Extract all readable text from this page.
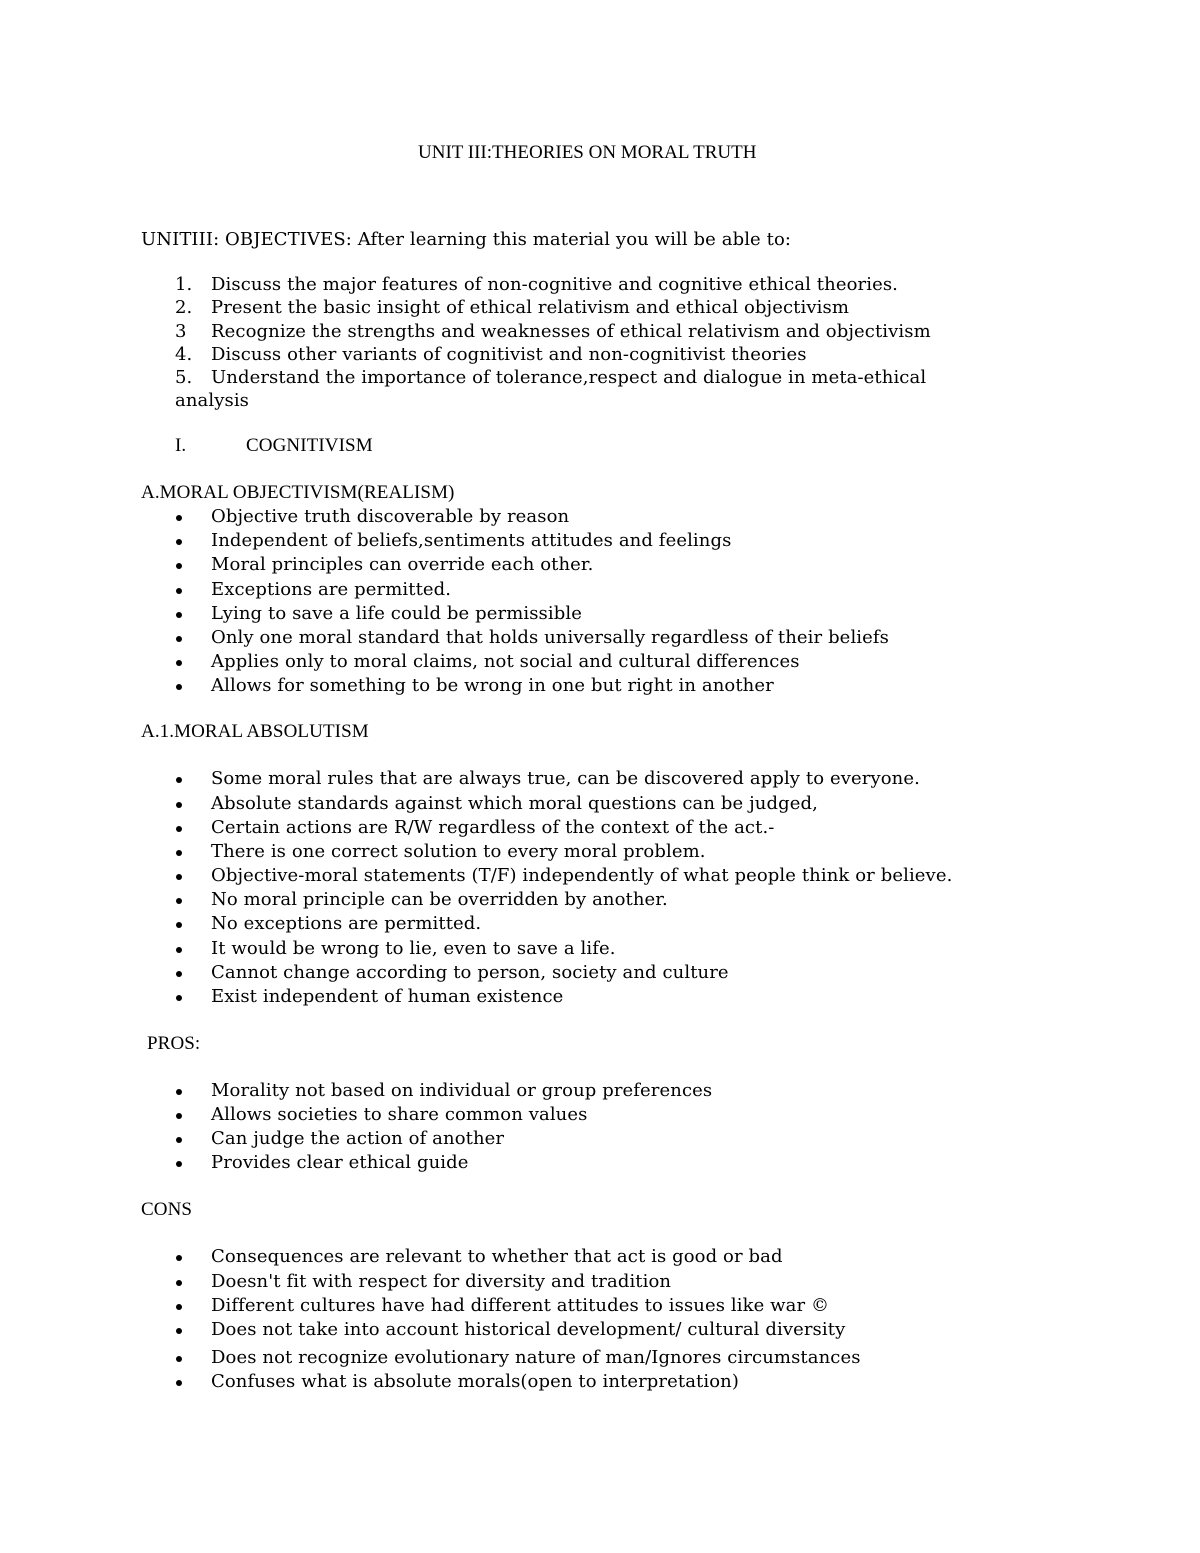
UNIT III:THEORIES ON MORAL TRUTH
UNITIII: OBJECTIVES: After learning this material you will be able to:
1.	Discuss the major features of non-cognitive and cognitive ethical theories.
2.	Present the basic insight of ethical relativism and ethical objectivism
3	Recognize the strengths and weaknesses of ethical relativism and objectivism
4.	Discuss other variants of cognitivist and non-cognitivist theories
5.	Understand the importance of tolerance,respect and dialogue in meta-ethical
analysis
I.	COGNITIVISM
A.MORAL OBJECTIVISM(REALISM)
Objective truth discoverable by reason
Independent of beliefs,sentiments attitudes and feelings
Moral principles can override each other.
Exceptions are permitted.
Lying to save a life could be permissible
Only one moral standard that holds universally regardless of their beliefs
Applies only to moral claims, not social and cultural differences
Allows for something to be wrong in one but right in another
A.1.MORAL ABSOLUTISM
Some moral rules that are always true, can be discovered apply to everyone.
Absolute standards against which moral questions can be judged,
Certain actions are R/W regardless of the context of the act.-
There is one correct solution to every moral problem.
Objective-moral statements (T/F) independently of what people think or believe.
No moral principle can be overridden by another.
No exceptions are permitted.
It would be wrong to lie, even to save a life.
Cannot change according to person, society and culture
Exist independent of human existence
PROS:
Morality not based on individual or group preferences
Allows societies to share common values
Can judge the action of another
Provides clear ethical guide
CONS
Consequences are relevant to whether that act is good or bad
Doesn't fit with respect for diversity and tradition
Different cultures have had different attitudes to issues like war ©
Does not take into account historical development/ cultural diversity
Does not recognize evolutionary nature of man/Ignores circumstances
Confuses what is absolute morals(open to interpretation)
